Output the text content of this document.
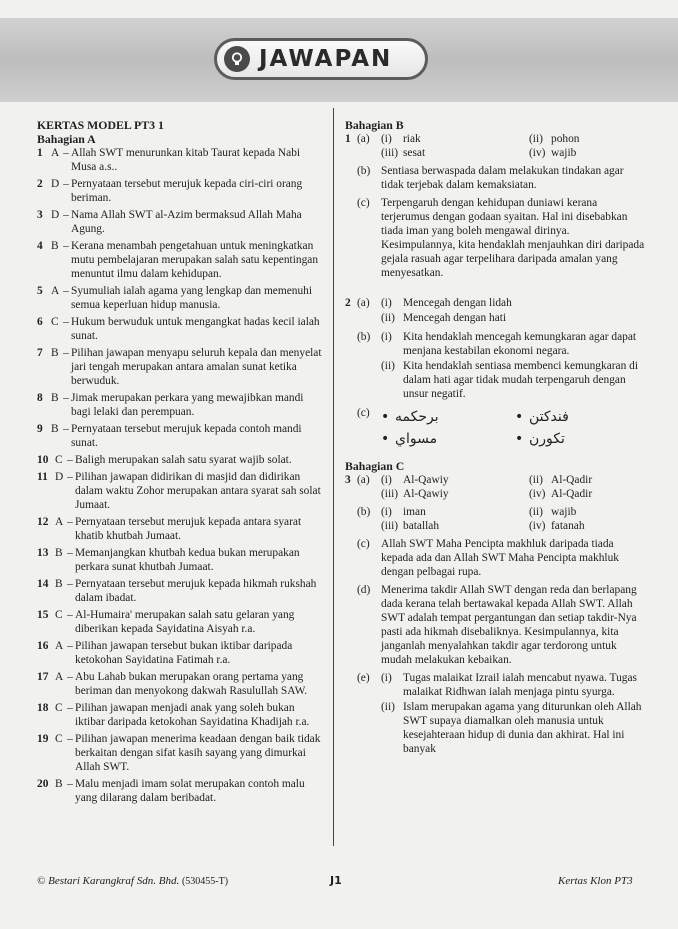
JAWAPAN
KERTAS MODEL PT3 1
Bahagian A
1 A – Allah SWT menurunkan kitab Taurat kepada Nabi Musa a.s..
2 D – Pernyataan tersebut merujuk kepada ciri-ciri orang beriman.
3 D – Nama Allah SWT al-Azim bermaksud Allah Maha Agung.
4 B – Kerana menambah pengetahuan untuk meningkatkan mutu pembelajaran merupakan salah satu kepentingan menuntut ilmu dalam kehidupan.
5 A – Syumuliah ialah agama yang lengkap dan memenuhi semua keperluan hidup manusia.
6 C – Hukum berwuduk untuk mengangkat hadas kecil ialah sunat.
7 B – Pilihan jawapan menyapu seluruh kepala dan menyelat jari tengah merupakan antara amalan sunat ketika berwuduk.
8 B – Jimak merupakan perkara yang mewajibkan mandi bagi lelaki dan perempuan.
9 B – Pernyataan tersebut merujuk kepada contoh mandi sunat.
10 C – Baligh merupakan salah satu syarat wajib solat.
11 D – Pilihan jawapan didirikan di masjid dan didirikan dalam waktu Zohor merupakan antara syarat sah solat Jumaat.
12 A – Pernyataan tersebut merujuk kepada antara syarat khatib khutbah Jumaat.
13 B – Memanjangkan khutbah kedua bukan merupakan perkara sunat khutbah Jumaat.
14 B – Pernyataan tersebut merujuk kepada hikmah rukshah dalam ibadat.
15 C – Al-Humaira' merupakan salah satu gelaran yang diberikan kepada Sayidatina Aisyah r.a.
16 A – Pilihan jawapan tersebut bukan iktibar daripada ketokohan Sayidatina Fatimah r.a.
17 A – Abu Lahab bukan merupakan orang pertama yang beriman dan menyokong dakwah Rasulullah SAW.
18 C – Pilihan jawapan menjadi anak yang soleh bukan iktibar daripada ketokohan Sayidatina Khadijah r.a.
19 C – Pilihan jawapan menerima keadaan dengan baik tidak berkaitan dengan sifat kasih sayang yang dimurkai Allah SWT.
20 B – Malu menjadi imam solat merupakan contoh malu yang dilarang dalam beribadat.
Bahagian B
1 (a) (i) riak	(ii) pohon
(iii) sesat	(iv) wajib
(b) Sentiasa berwaspada dalam melakukan tindakan agar tidak terjebak dalam kemaksiatan.
(c) Terpengaruh dengan kehidupan duniawi kerana terjerumus dengan godaan syaitan. Hal ini disebabkan tiada iman yang boleh mengawal dirinya. Kesimpulannya, kita hendaklah menjauhkan diri daripada gejala rasuah agar terpelihara daripada amalan yang menyesatkan.
2 (a) (i) Mencegah dengan lidah
(ii) Mencegah dengan hati
(b) (i) Kita hendaklah mencegah kemungkaran agar dapat menjana kestabilan ekonomi negara.
(ii) Kita hendaklah sentiasa membenci kemungkaran di dalam hati agar tidak mudah terpengaruh dengan unsur negatif.
(c) • برحكمه	• فندكتن
• مسواي	• تكورن
Bahagian C
3 (a) (i) Al-Qawiy	(ii) Al-Qadir
(iii) Al-Qawiy	(iv) Al-Qadir
(b) (i) iman	(ii) wajib
(iii) batallah	(iv) fatanah
(c) Allah SWT Maha Pencipta makhluk daripada tiada kepada ada dan Allah SWT Maha Pencipta makhluk dengan pelbagai rupa.
(d) Menerima takdir Allah SWT dengan reda dan berlapang dada kerana telah bertawakal kepada Allah SWT. Allah SWT adalah tempat pergantungan dan setiap takdir-Nya pasti ada hikmah disebaliknya. Kesimpulannya, kita janganlah menyalahkan takdir agar terdorong untuk mudah melakukan kebaikan.
(e) (i) Tugas malaikat Izrail ialah mencabut nyawa. Tugas malaikat Ridhwan ialah menjaga pintu syurga.
(ii) Islam merupakan agama yang diturunkan oleh Allah SWT supaya diamalkan oleh manusia untuk kesejahteraan hidup di dunia dan akhirat. Hal ini banyak
© Bestari Karangkraf Sdn. Bhd. (530455-T)	J1	Kertas Klon PT3
